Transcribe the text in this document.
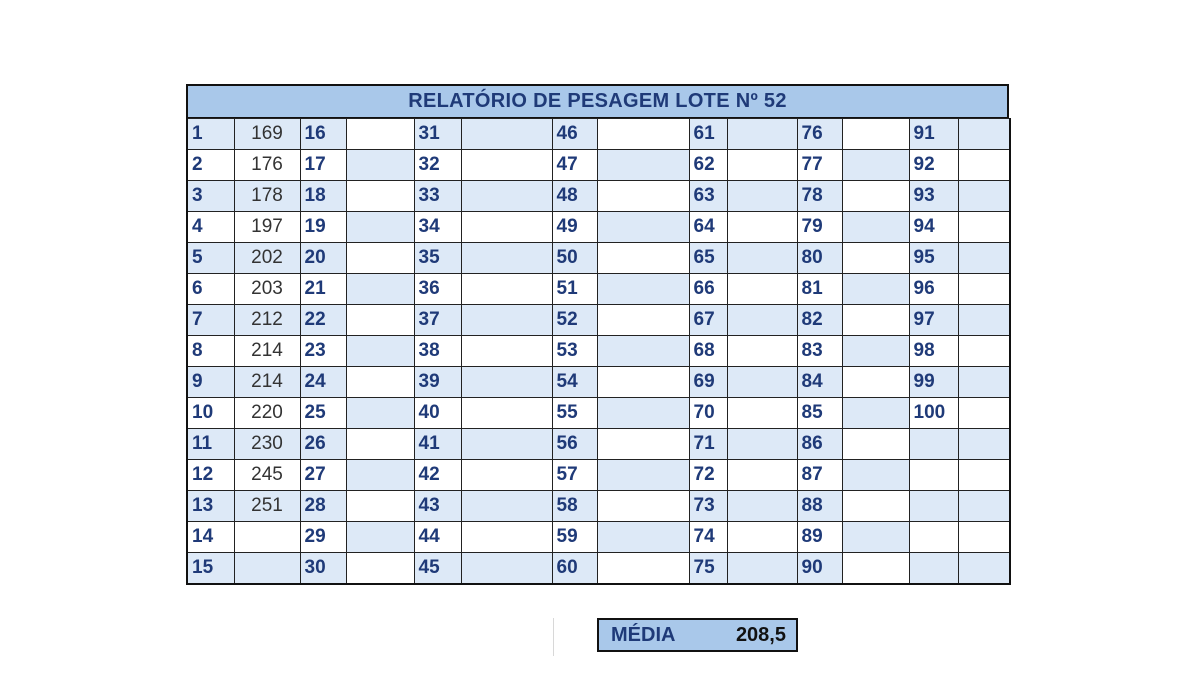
RELATÓRIO DE PESAGEM LOTE Nº 52
1	169	16		31		46		61		76		91	
2	176	17		32		47		62		77		92	
3	178	18		33		48		63		78		93	
4	197	19		34		49		64		79		94	
5	202	20		35		50		65		80		95	
6	203	21		36		51		66		81		96	
7	212	22		37		52		67		82		97	
8	214	23		38		53		68		83		98	
9	214	24		39		54		69		84		99	
10	220	25		40		55		70		85		100	
11	230	26		41		56		71		86			
12	245	27		42		57		72		87			
13	251	28		43		58		73		88			
14		29		44		59		74		89			
15		30		45		60		75		90			
MÉDIA	208,5
